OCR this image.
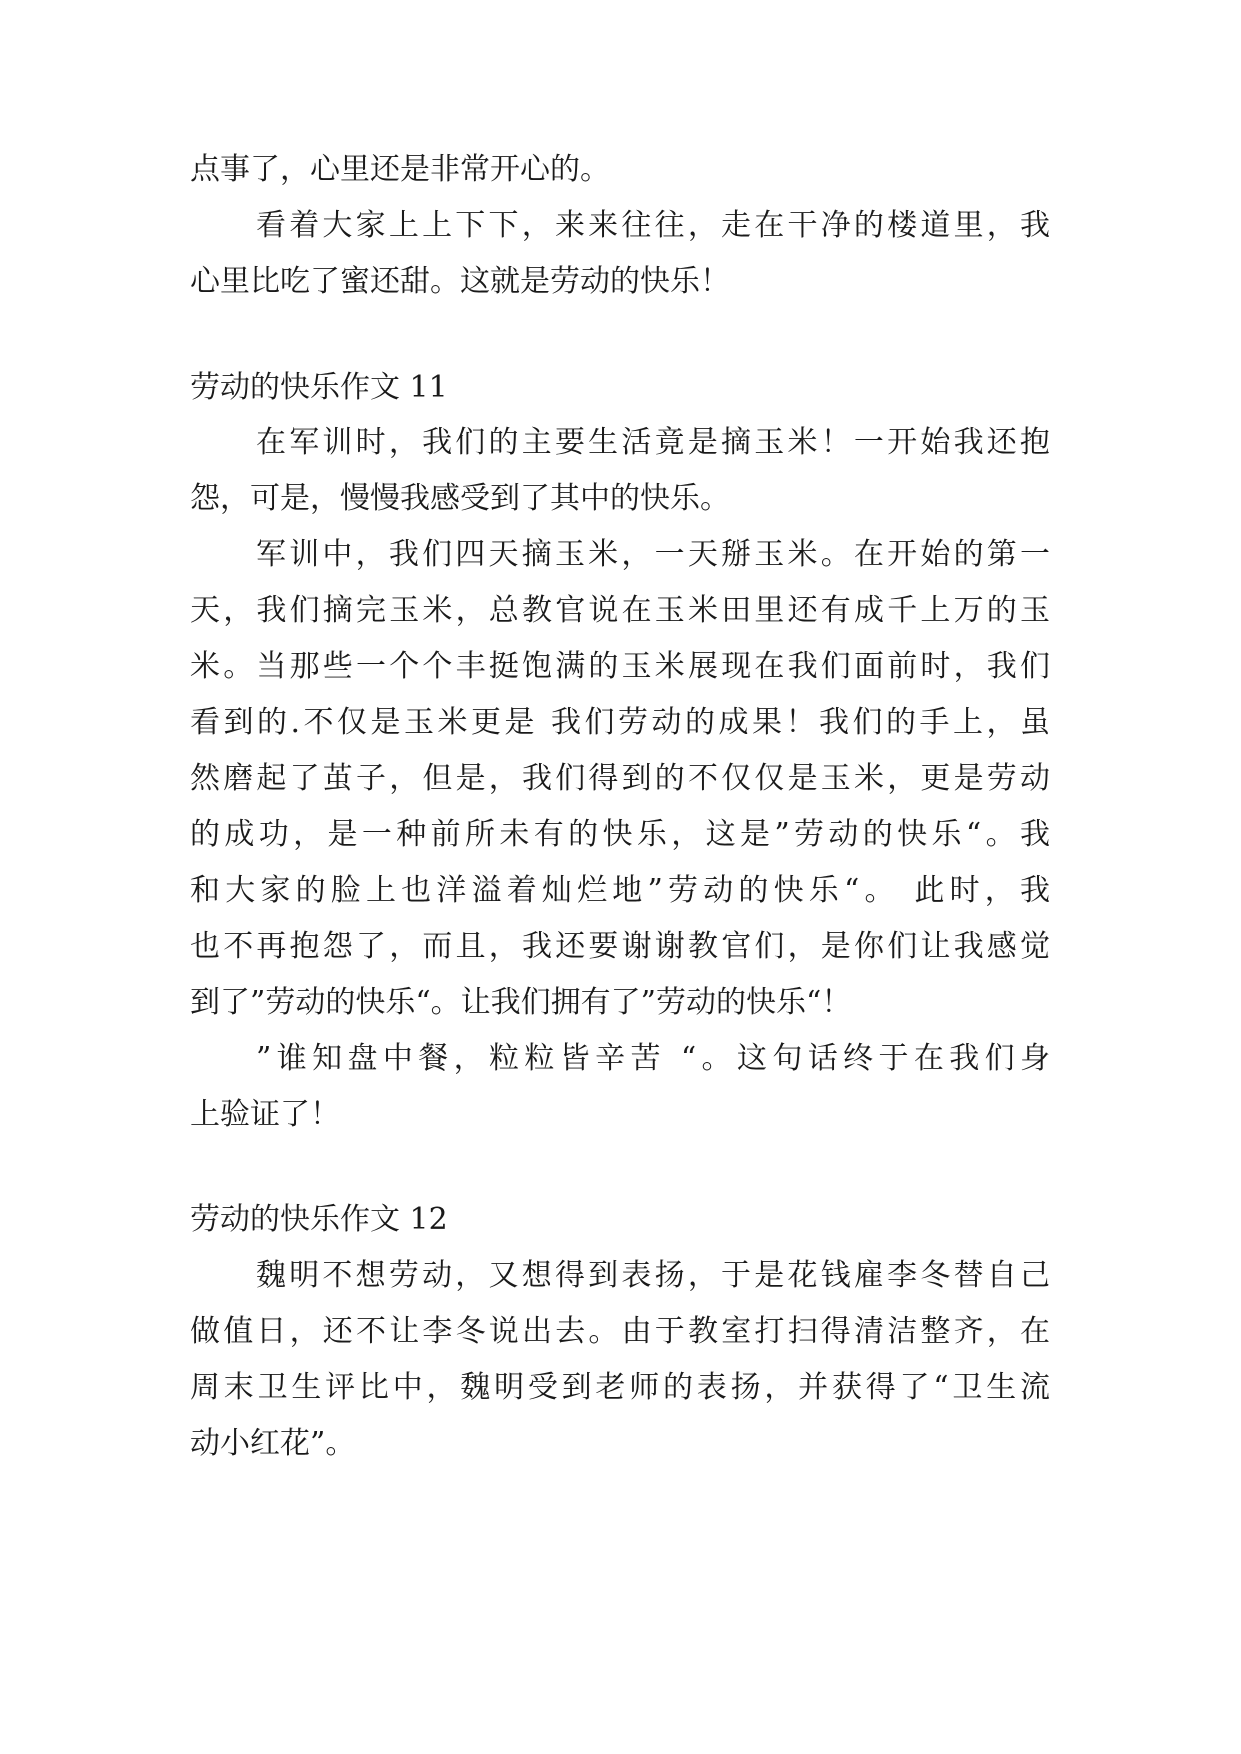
点事了，心里还是非常开心的。
看着大家上上下下，来来往往，走在干净的楼道里，我
心里比吃了蜜还甜。这就是劳动的快乐！
劳动的快乐作文 11
在军训时，我们的主要生活竟是摘玉米！一开始我还抱
怨，可是，慢慢我感受到了其中的快乐。
军训中，我们四天摘玉米，一天掰玉米。在开始的第一
天，我们摘完玉米，总教官说在玉米田里还有成千上万的玉
米。当那些一个个丰挺饱满的玉米展现在我们面前时，我们
看到的.不仅是玉米更是 我们劳动的成果！我们的手上，虽
然磨起了茧子，但是，我们得到的不仅仅是玉米，更是劳动
的成功，是一种前所未有的快乐，这是”劳动的快乐“。我
和大家的脸上也洋溢着灿烂地”劳动的快乐“。 此时，我
也不再抱怨了，而且，我还要谢谢教官们，是你们让我感觉
到了”劳动的快乐“。让我们拥有了”劳动的快乐“！
”谁知盘中餐，粒粒皆辛苦 “。这句话终于在我们身
上验证了！
劳动的快乐作文 12
魏明不想劳动，又想得到表扬，于是花钱雇李冬替自己
做值日，还不让李冬说出去。由于教室打扫得清洁整齐，在
周末卫生评比中，魏明受到老师的表扬，并获得了“卫生流
动小红花”。
